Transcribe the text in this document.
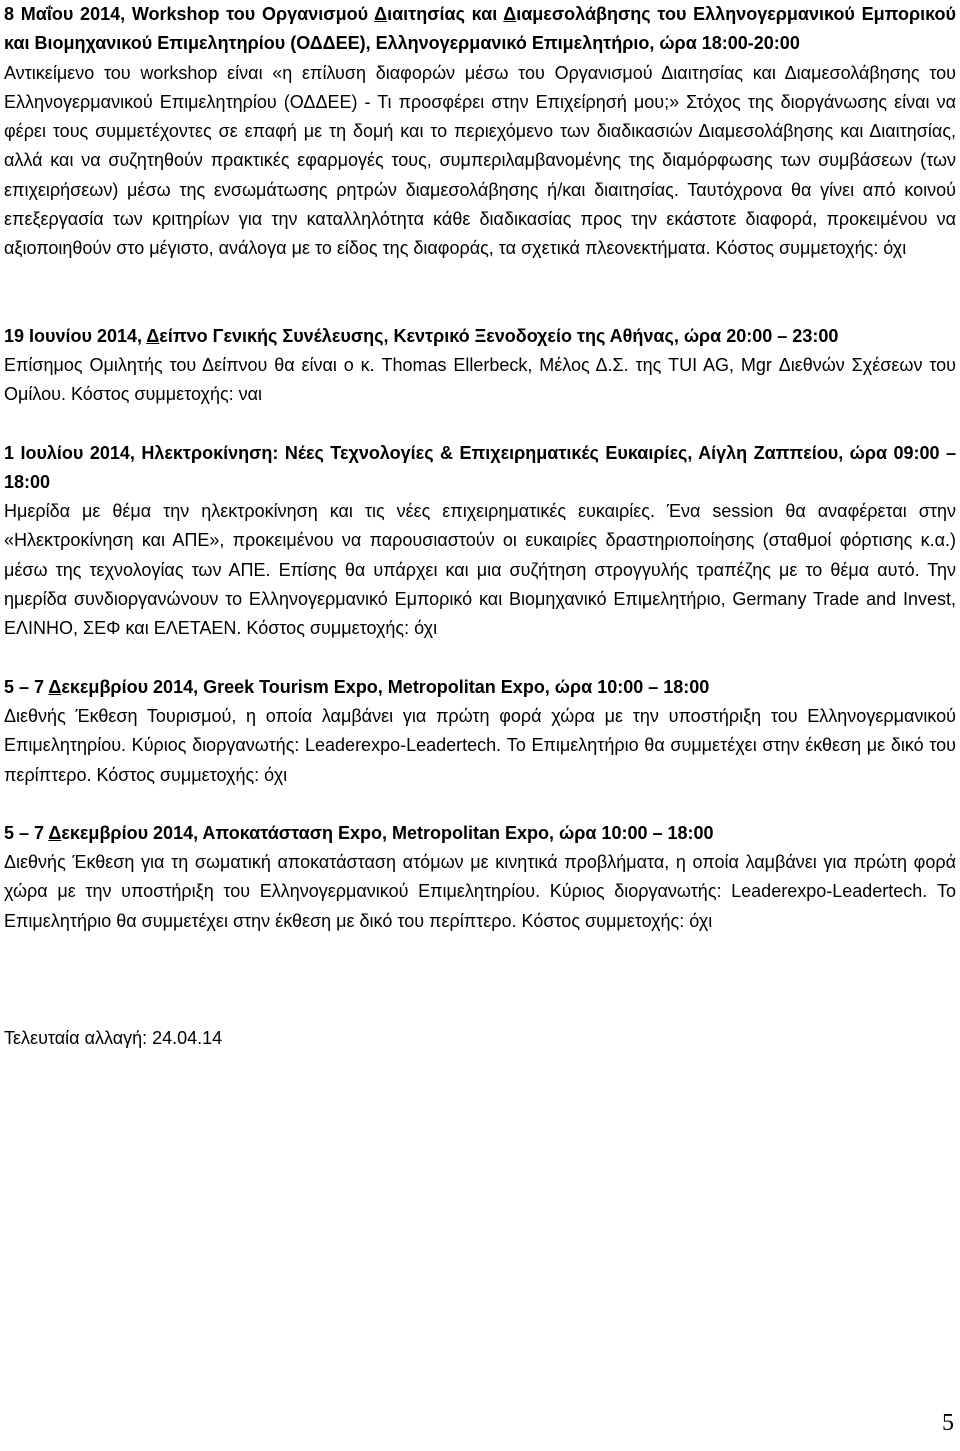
8 Μαΐου 2014, Workshop του Οργανισμού Διαιτησίας και Διαμεσολάβησης του Ελληνογερμανικού Εμπορικού και Βιομηχανικού Επιμελητηρίου (ΟΔΔΕΕ), Ελληνογερμανικό Επιμελητήριο, ώρα 18:00-20:00
Αντικείμενο του workshop είναι «η επίλυση διαφορών μέσω του Οργανισμού Διαιτησίας και Διαμεσολάβησης του Ελληνογερμανικού Επιμελητηρίου (ΟΔΔΕΕ) - Τι προσφέρει στην Επιχείρησή μου;» Στόχος της διοργάνωσης είναι να φέρει τους συμμετέχοντες σε επαφή με τη δομή και το περιεχόμενο των διαδικασιών Διαμεσολάβησης και Διαιτησίας, αλλά και να συζητηθούν πρακτικές εφαρμογές τους, συμπεριλαμβανομένης της διαμόρφωσης των συμβάσεων (των επιχειρήσεων) μέσω της ενσωμάτωσης ρητρών διαμεσολάβησης ή/και διαιτησίας. Ταυτόχρονα θα γίνει από κοινού επεξεργασία των κριτηρίων για την καταλληλότητα κάθε διαδικασίας προς την εκάστοτε διαφορά, προκειμένου να αξιοποιηθούν στο μέγιστο, ανάλογα με το είδος της διαφοράς, τα σχετικά πλεονεκτήματα. Κόστος συμμετοχής: όχι
19 Ιουνίου 2014, Δείπνο Γενικής Συνέλευσης, Κεντρικό Ξενοδοχείο της Αθήνας, ώρα 20:00 – 23:00
Επίσημος Ομιλητής του Δείπνου θα είναι ο κ. Thomas Ellerbeck, Μέλος Δ.Σ. της TUI AG, Mgr Διεθνών Σχέσεων του Ομίλου. Κόστος συμμετοχής: ναι
1 Ιουλίου 2014, Ηλεκτροκίνηση: Νέες Τεχνολογίες & Επιχειρηματικές Ευκαιρίες, Αίγλη Ζαππείου, ώρα 09:00 – 18:00
Ημερίδα με θέμα την ηλεκτροκίνηση και τις νέες επιχειρηματικές ευκαιρίες. Ένα session θα αναφέρεται στην «Ηλεκτροκίνηση και ΑΠΕ», προκειμένου να παρουσιαστούν οι ευκαιρίες δραστηριοποίησης (σταθμοί φόρτισης κ.α.) μέσω της τεχνολογίας των ΑΠΕ. Επίσης θα υπάρχει και μια συζήτηση στρογγυλής τραπέζης με το θέμα αυτό. Την ημερίδα συνδιοργανώνουν το Ελληνογερμανικό Εμπορικό και Βιομηχανικό Επιμελητήριο, Germany Trade and Invest, ΕΛΙΝΗΟ, ΣΕΦ και ΕΛΕΤΑΕΝ. Κόστος συμμετοχής: όχι
5 – 7 Δεκεμβρίου 2014, Greek Tourism Expo, Metropolitan Expo, ώρα 10:00 – 18:00
Διεθνής Έκθεση Τουρισμού, η οποία λαμβάνει για πρώτη φορά χώρα με την υποστήριξη του Ελληνογερμανικού Επιμελητηρίου. Κύριος διοργανωτής: Leaderexpo-Leadertech. Το Επιμελητήριο θα συμμετέχει στην έκθεση με δικό του περίπτερο. Κόστος συμμετοχής: όχι
5 – 7 Δεκεμβρίου 2014, Αποκατάσταση Expo, Metropolitan Expo, ώρα 10:00 – 18:00
Διεθνής Έκθεση για τη σωματική αποκατάσταση ατόμων με κινητικά προβλήματα, η οποία λαμβάνει για πρώτη φορά χώρα με την υποστήριξη του Ελληνογερμανικού Επιμελητηρίου. Κύριος διοργανωτής: Leaderexpo-Leadertech. Το Επιμελητήριο θα συμμετέχει στην έκθεση με δικό του περίπτερο. Κόστος συμμετοχής: όχι

Τελευταία αλλαγή: 24.04.14

5
